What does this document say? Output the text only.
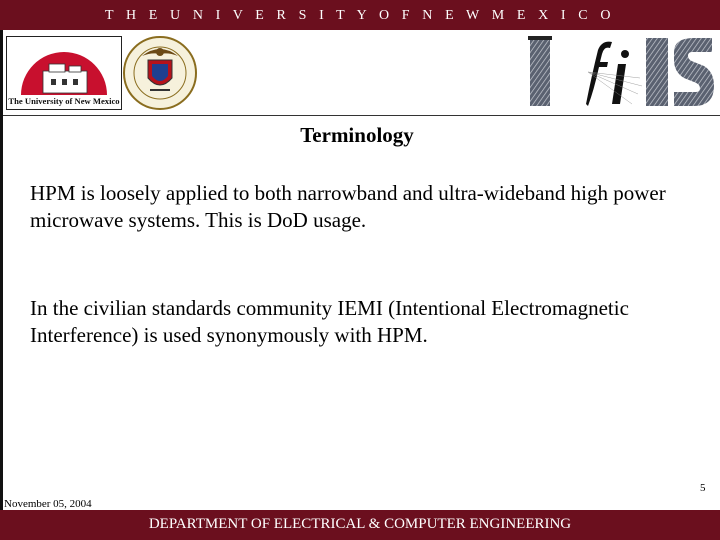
T H E U N I V E R S I T Y O F N E W M E X I C O
The University of New Mexico
Terminology
HPM is loosely applied to both narrowband and ultra-wideband high power microwave systems. This is DoD usage.
In the civilian standards community IEMI (Intentional Electromagnetic Interference) is used synonymously with HPM.
5
November 05, 2004
DEPARTMENT OF ELECTRICAL & COMPUTER ENGINEERING
